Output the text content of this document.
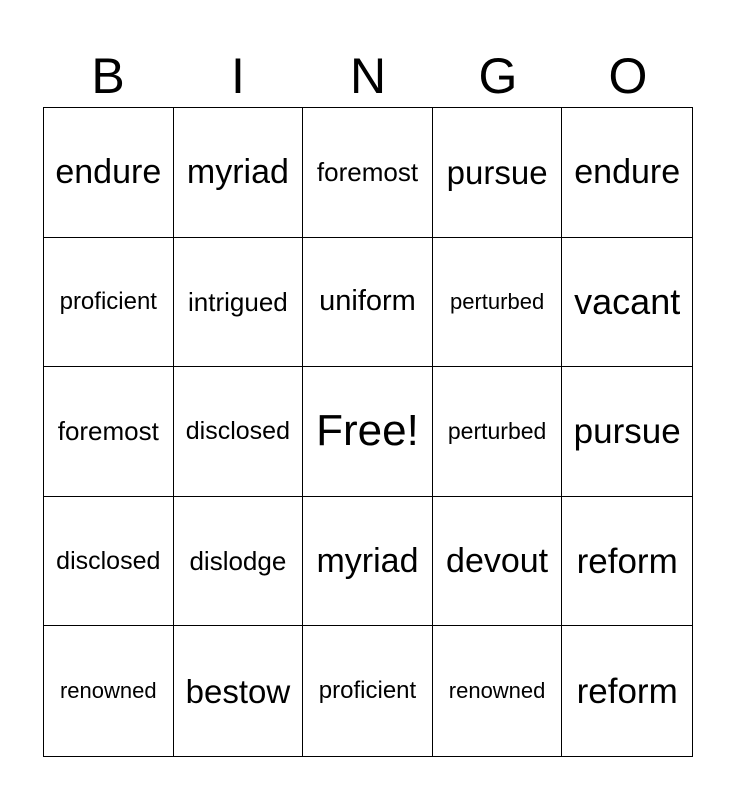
B	I	N	G	O
endure myriad foremost pursue endure
proficient intrigued uniform perturbed vacant
foremost disclosed Free! perturbed pursue
disclosed dislodge myriad devout reform
renowned bestow proficient renowned reform
